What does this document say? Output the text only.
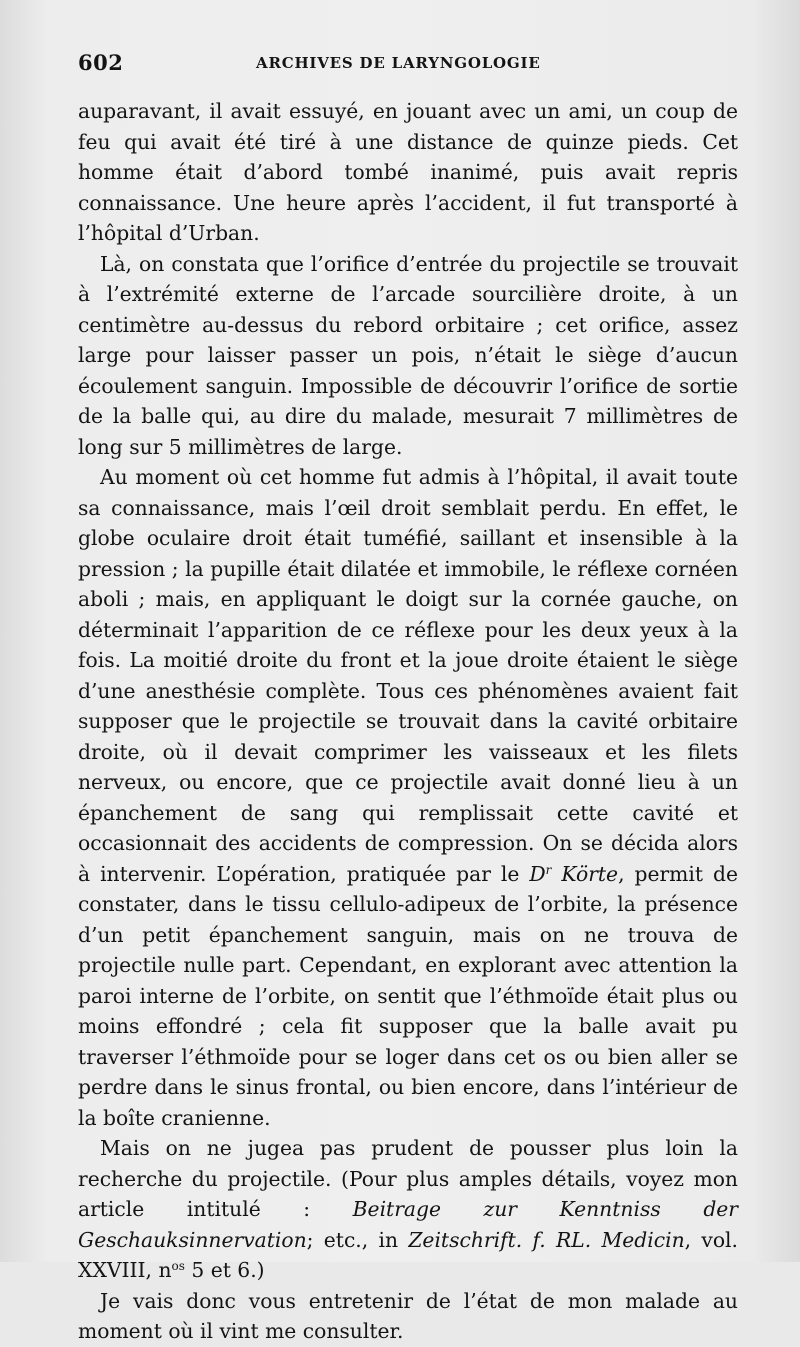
602	ARCHIVES DE LARYNGOLOGIE

auparavant, il avait essuyé, en jouant avec un ami, un coup de feu qui avait été tiré à une distance de quinze pieds. Cet homme était d’abord tombé inanimé, puis avait repris connaissance. Une heure après l’accident, il fut transporté à l’hôpital d’Urban.

Là, on constata que l’orifice d’entrée du projectile se trouvait à l’extrémité externe de l’arcade sourcilière droite, à un centimètre au-dessus du rebord orbitaire ; cet orifice, assez large pour laisser passer un pois, n’était le siège d’aucun écoulement sanguin. Impossible de découvrir l’orifice de sortie de la balle qui, au dire du malade, mesurait 7 millimètres de long sur 5 millimètres de large.

Au moment où cet homme fut admis à l’hôpital, il avait toute sa connaissance, mais l’œil droit semblait perdu. En effet, le globe oculaire droit était tuméfié, saillant et insensible à la pression ; la pupille était dilatée et immobile, le réflexe cornéen aboli ; mais, en appliquant le doigt sur la cornée gauche, on déterminait l’apparition de ce réflexe pour les deux yeux à la fois. La moitié droite du front et la joue droite étaient le siège d’une anesthésie complète. Tous ces phénomènes avaient fait supposer que le projectile se trouvait dans la cavité orbitaire droite, où il devait comprimer les vaisseaux et les filets nerveux, ou encore, que ce projectile avait donné lieu à un épanchement de sang qui remplissait cette cavité et occasionnait des accidents de compression. On se décida alors à intervenir. L’opération, pratiquée par le $D^r$ Körte, permit de constater, dans le tissu cellulo-adipeux de l’orbite, la présence d’un petit épanchement sanguin, mais on ne trouva de projectile nulle part. Cependant, en explorant avec attention la paroi interne de l’orbite, on sentit que l’éthmoïde était plus ou moins effondré ; cela fit supposer que la balle avait pu traverser l’éthmoïde pour se loger dans cet os ou bien aller se perdre dans le sinus frontal, ou bien encore, dans l’intérieur de la boîte cranienne.

Mais on ne jugea pas prudent de pousser plus loin la recherche du projectile. (Pour plus amples détails, voyez mon article intitulé : Beitrage zur Kenntniss der Geschauksinnervation; etc., in Zeitschrift. f. RL. Medicin, vol. XXVIII, $n^{os}$ 5 et 6.)

Je vais donc vous entretenir de l’état de mon malade au moment où il vint me consulter.
